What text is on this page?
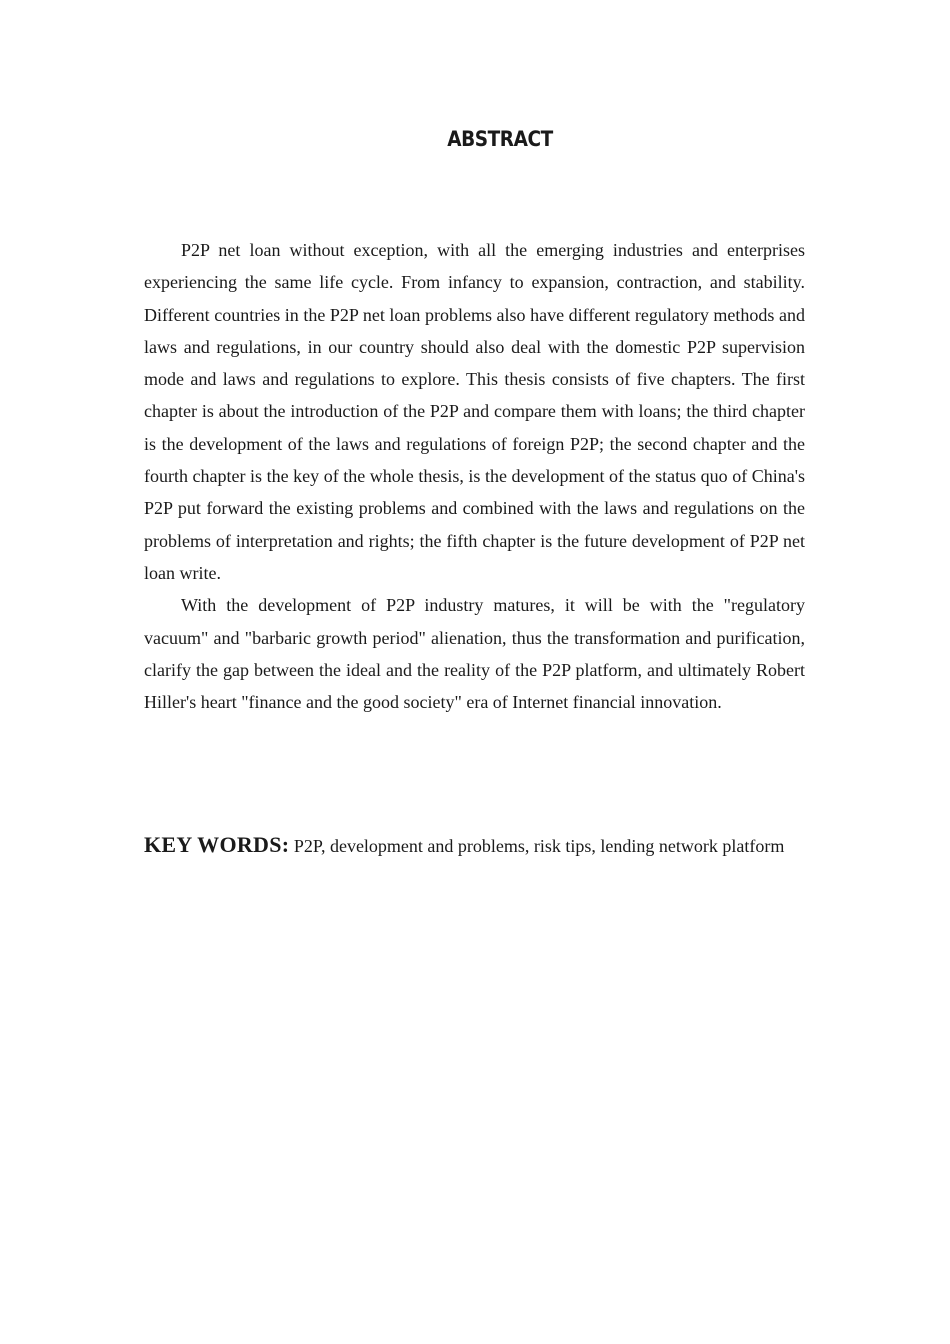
ABSTRACT

P2P net loan without exception, with all the emerging industries and enterprises experiencing the same life cycle. From infancy to expansion, contraction, and stability. Different countries in the P2P net loan problems also have different regulatory methods and laws and regulations, in our country should also deal with the domestic P2P supervision mode and laws and regulations to explore. This thesis consists of five chapters. The first chapter is about the introduction of the P2P and compare them with loans; the third chapter is the development of the laws and regulations of foreign P2P; the second chapter and the fourth chapter is the key of the whole thesis, is the development of the status quo of China's P2P put forward the existing problems and combined with the laws and regulations on the problems of interpretation and rights; the fifth chapter is the future development of P2P net loan write.

With the development of P2P industry matures, it will be with the "regulatory vacuum" and "barbaric growth period" alienation, thus the transformation and purification, clarify the gap between the ideal and the reality of the P2P platform, and ultimately Robert Hiller's heart "finance and the good society" era of Internet financial innovation.

KEY WORDS: P2P, development and problems, risk tips, lending network platform
